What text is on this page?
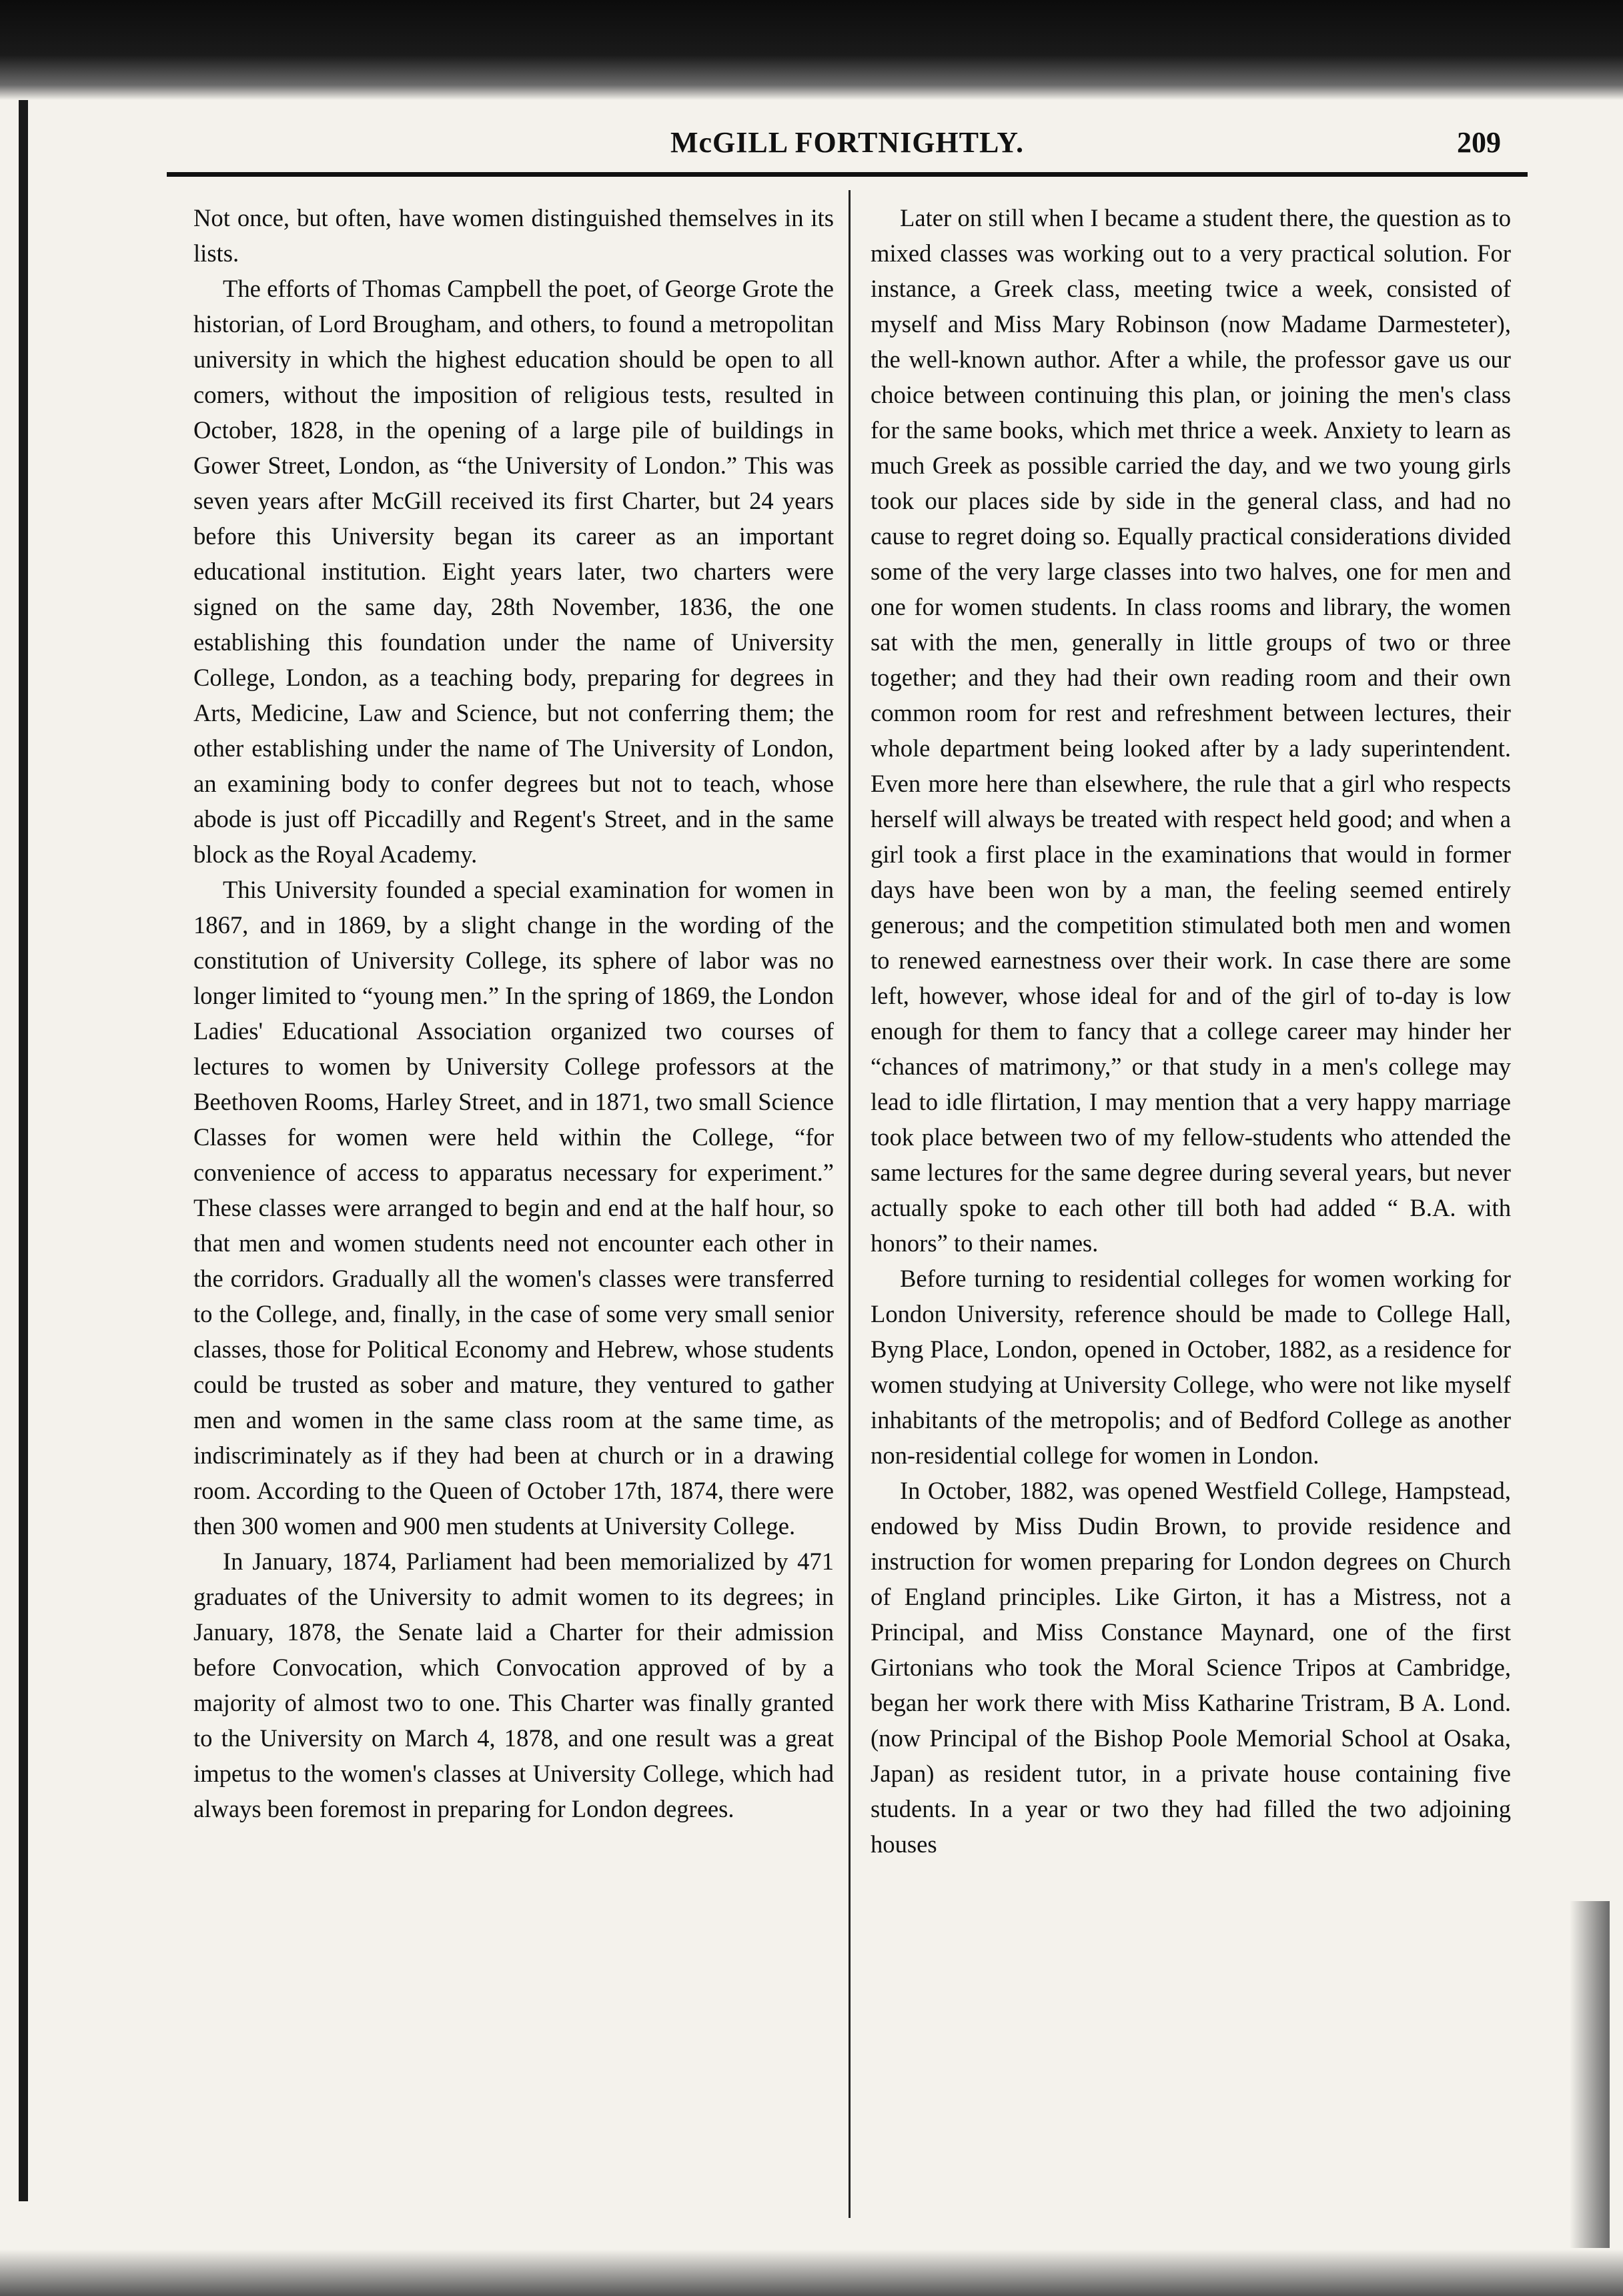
McGILL FORTNIGHTLY.	209

Not once, but often, have women distinguished themselves in its lists.

The efforts of Thomas Campbell the poet, of George Grote the historian, of Lord Brougham, and others, to found a metropolitan university in which the highest education should be open to all comers, without the imposition of religious tests, resulted in October, 1828, in the opening of a large pile of buildings in Gower Street, London, as “the University of London.” This was seven years after McGill received its first Charter, but 24 years before this University began its career as an important educational institution. Eight years later, two charters were signed on the same day, 28th November, 1836, the one establishing this foundation under the name of University College, London, as a teaching body, preparing for degrees in Arts, Medicine, Law and Science, but not conferring them; the other establishing under the name of The University of London, an examining body to confer degrees but not to teach, whose abode is just off Piccadilly and Regent's Street, and in the same block as the Royal Academy.

This University founded a special examination for women in 1867, and in 1869, by a slight change in the wording of the constitution of University College, its sphere of labor was no longer limited to “young men.” In the spring of 1869, the London Ladies' Educational Association organized two courses of lectures to women by University College professors at the Beethoven Rooms, Harley Street, and in 1871, two small Science Classes for women were held within the College, “for convenience of access to apparatus necessary for experiment.” These classes were arranged to begin and end at the half hour, so that men and women students need not encounter each other in the corridors. Gradually all the women's classes were transferred to the College, and, finally, in the case of some very small senior classes, those for Political Economy and Hebrew, whose students could be trusted as sober and mature, they ventured to gather men and women in the same class room at the same time, as indiscriminately as if they had been at church or in a drawing room. According to the Queen of October 17th, 1874, there were then 300 women and 900 men students at University College.

In January, 1874, Parliament had been memorialized by 471 graduates of the University to admit women to its degrees; in January, 1878, the Senate laid a Charter for their admission before Convocation, which Convocation approved of by a majority of almost two to one. This Charter was finally granted to the University on March 4, 1878, and one result was a great impetus to the women's classes at University College, which had always been foremost in preparing for London degrees.

Later on still when I became a student there, the question as to mixed classes was working out to a very practical solution. For instance, a Greek class, meeting twice a week, consisted of myself and Miss Mary Robinson (now Madame Darmesteter), the well-known author. After a while, the professor gave us our choice between continuing this plan, or joining the men's class for the same books, which met thrice a week. Anxiety to learn as much Greek as possible carried the day, and we two young girls took our places side by side in the general class, and had no cause to regret doing so. Equally practical considerations divided some of the very large classes into two halves, one for men and one for women students. In class rooms and library, the women sat with the men, generally in little groups of two or three together; and they had their own reading room and their own common room for rest and refreshment between lectures, their whole department being looked after by a lady superintendent. Even more here than elsewhere, the rule that a girl who respects herself will always be treated with respect held good; and when a girl took a first place in the examinations that would in former days have been won by a man, the feeling seemed entirely generous; and the competition stimulated both men and women to renewed earnestness over their work. In case there are some left, however, whose ideal for and of the girl of to-day is low enough for them to fancy that a college career may hinder her “chances of matrimony,” or that study in a men's college may lead to idle flirtation, I may mention that a very happy marriage took place between two of my fellow-students who attended the same lectures for the same degree during several years, but never actually spoke to each other till both had added “ B.A. with honors” to their names.

Before turning to residential colleges for women working for London University, reference should be made to College Hall, Byng Place, London, opened in October, 1882, as a residence for women studying at University College, who were not like myself inhabitants of the metropolis; and of Bedford College as another non-residential college for women in London.

In October, 1882, was opened Westfield College, Hampstead, endowed by Miss Dudin Brown, to provide residence and instruction for women preparing for London degrees on Church of England principles. Like Girton, it has a Mistress, not a Principal, and Miss Constance Maynard, one of the first Girtonians who took the Moral Science Tripos at Cambridge, began her work there with Miss Katharine Tristram, B A. Lond. (now Principal of the Bishop Poole Memorial School at Osaka, Japan) as resident tutor, in a private house containing five students. In a year or two they had filled the two adjoining houses
